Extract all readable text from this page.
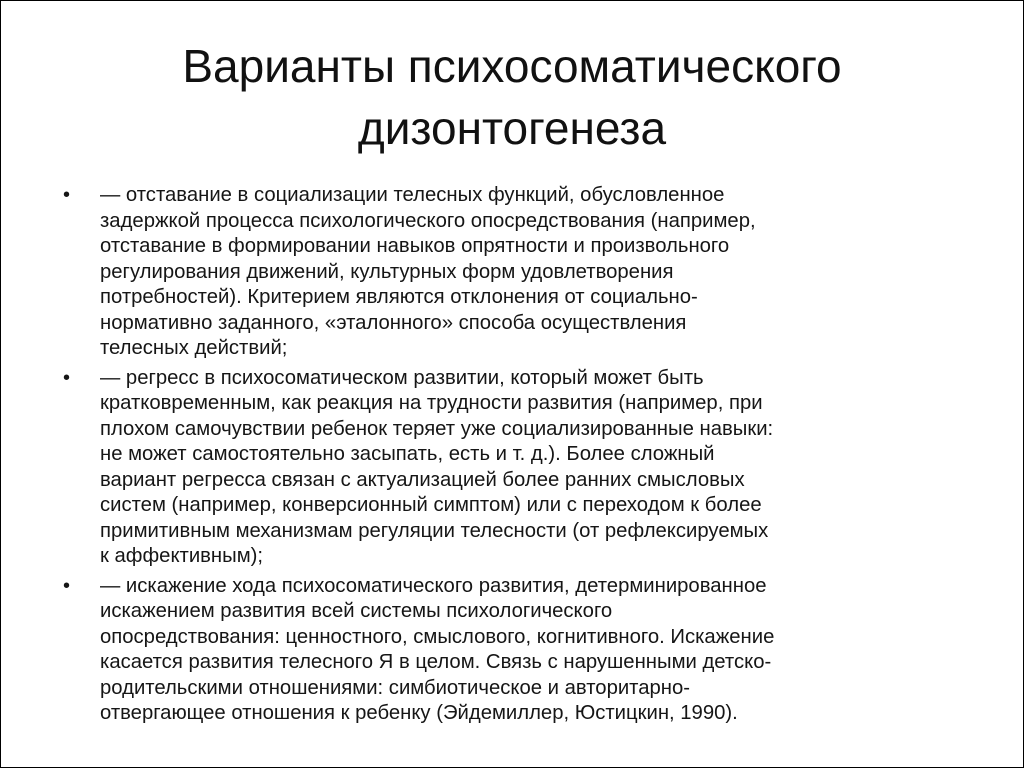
Варианты психосоматического
дизонтогенеза
•	— отставание в социализации телесных функций, обусловленное
задержкой процесса психологического опосредствования (например,
отставание в формировании навыков опрятности и произвольного
регулирования движений, культурных форм удовлетворения
потребностей). Критерием являются отклонения от социально-
нормативно заданного, «эталонного» способа осуществления
телесных действий;
•	— регресс в психосоматическом развитии, который может быть
кратковременным, как реакция на трудности развития (например, при
плохом самочувствии ребенок теряет уже социализированные навыки:
не может самостоятельно засыпать, есть и т. д.). Более сложный
вариант регресса связан с актуализацией более ранних смысловых
систем (например, конверсионный симптом) или с переходом к более
примитивным механизмам регуляции телесности (от рефлексируемых
к аффективным);
•	— искажение хода психосоматического развития, детерминированное
искажением развития всей системы психологического
опосредствования: ценностного, смыслового, когнитивного. Искажение
касается развития телесного Я в целом. Связь с нарушенными детско-
родительскими отношениями: симбиотическое и авторитарно-
отвергающее отношения к ребенку (Эйдемиллер, Юстицкин, 1990).
